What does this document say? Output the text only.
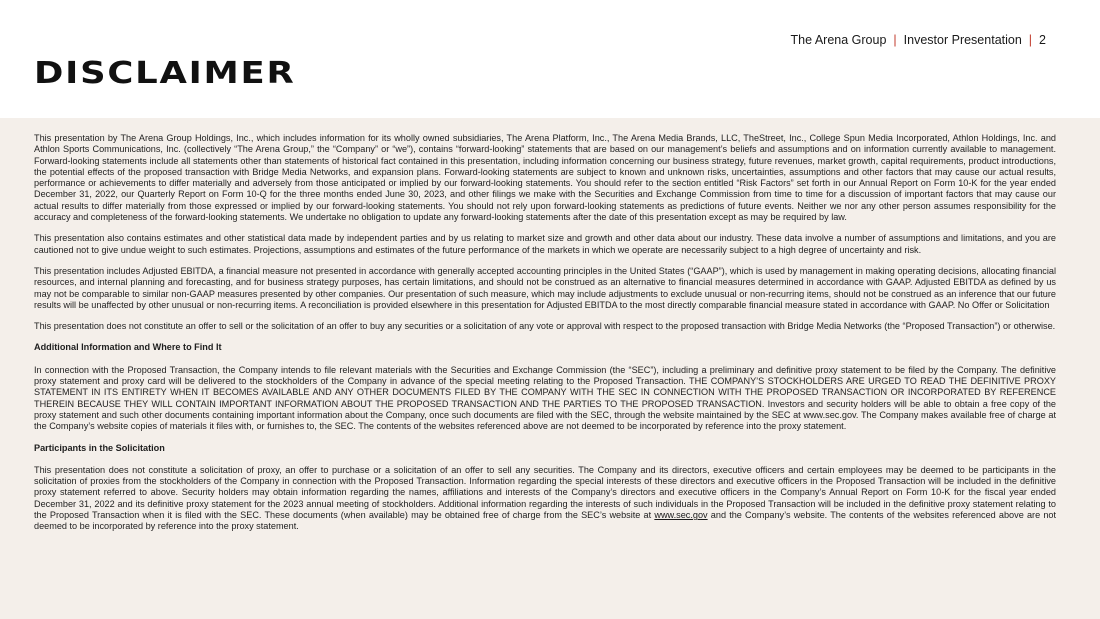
The Arena Group | Investor Presentation | 2
DISCLAIMER

This presentation by The Arena Group Holdings, Inc., which includes information for its wholly owned subsidiaries, The Arena Platform, Inc., The Arena Media Brands, LLC, TheStreet, Inc., College Spun Media Incorporated, Athlon Holdings, Inc. and Athlon Sports Communications, Inc. (collectively “The Arena Group,” the “Company” or “we”), contains “forward-looking” statements that are based on our management’s beliefs and assumptions and on information currently available to management. Forward-looking statements include all statements other than statements of historical fact contained in this presentation, including information concerning our business strategy, future revenues, market growth, capital requirements, product introductions, the potential effects of the proposed transaction with Bridge Media Networks, and expansion plans. Forward-looking statements are subject to known and unknown risks, uncertainties, assumptions and other factors that may cause our actual results, performance or achievements to differ materially and adversely from those anticipated or implied by our forward-looking statements. You should refer to the section entitled “Risk Factors” set forth in our Annual Report on Form 10-K for the year ended December 31, 2022, our Quarterly Report on Form 10-Q for the three months ended June 30, 2023, and other filings we make with the Securities and Exchange Commission from time to time for a discussion of important factors that may cause our actual results to differ materially from those expressed or implied by our forward-looking statements. You should not rely upon forward-looking statements as predictions of future events. Neither we nor any other person assumes responsibility for the accuracy and completeness of the forward-looking statements. We undertake no obligation to update any forward-looking statements after the date of this presentation except as may be required by law.

This presentation also contains estimates and other statistical data made by independent parties and by us relating to market size and growth and other data about our industry. These data involve a number of assumptions and limitations, and you are cautioned not to give undue weight to such estimates. Projections, assumptions and estimates of the future performance of the markets in which we operate are necessarily subject to a high degree of uncertainty and risk.

This presentation includes Adjusted EBITDA, a financial measure not presented in accordance with generally accepted accounting principles in the United States (“GAAP”), which is used by management in making operating decisions, allocating financial resources, and internal planning and forecasting, and for business strategy purposes, has certain limitations, and should not be construed as an alternative to financial measures determined in accordance with GAAP. Adjusted EBITDA as defined by us may not be comparable to similar non-GAAP measures presented by other companies. Our presentation of such measure, which may include adjustments to exclude unusual or non-recurring items, should not be construed as an inference that our future results will be unaffected by other unusual or non-recurring items. A reconciliation is provided elsewhere in this presentation for Adjusted EBITDA to the most directly comparable financial measure stated in accordance with GAAP. No Offer or Solicitation

This presentation does not constitute an offer to sell or the solicitation of an offer to buy any securities or a solicitation of any vote or approval with respect to the proposed transaction with Bridge Media Networks (the “Proposed Transaction”) or otherwise.

Additional Information and Where to Find It

In connection with the Proposed Transaction, the Company intends to file relevant materials with the Securities and Exchange Commission (the “SEC”), including a preliminary and definitive proxy statement to be filed by the Company. The definitive proxy statement and proxy card will be delivered to the stockholders of the Company in advance of the special meeting relating to the Proposed Transaction. THE COMPANY’S STOCKHOLDERS ARE URGED TO READ THE DEFINITIVE PROXY STATEMENT IN ITS ENTIRETY WHEN IT BECOMES AVAILABLE AND ANY OTHER DOCUMENTS FILED BY THE COMPANY WITH THE SEC IN CONNECTION WITH THE PROPOSED TRANSACTION OR INCORPORATED BY REFERENCE THEREIN BECAUSE THEY WILL CONTAIN IMPORTANT INFORMATION ABOUT THE PROPOSED TRANSACTION AND THE PARTIES TO THE PROPOSED TRANSACTION. Investors and security holders will be able to obtain a free copy of the proxy statement and such other documents containing important information about the Company, once such documents are filed with the SEC, through the website maintained by the SEC at www.sec.gov. The Company makes available free of charge at the Company’s website copies of materials it files with, or furnishes to, the SEC. The contents of the websites referenced above are not deemed to be incorporated by reference into the proxy statement.

Participants in the Solicitation

This presentation does not constitute a solicitation of proxy, an offer to purchase or a solicitation of an offer to sell any securities. The Company and its directors, executive officers and certain employees may be deemed to be participants in the solicitation of proxies from the stockholders of the Company in connection with the Proposed Transaction. Information regarding the special interests of these directors and executive officers in the Proposed Transaction will be included in the definitive proxy statement referred to above. Security holders may obtain information regarding the names, affiliations and interests of the Company’s directors and executive officers in the Company’s Annual Report on Form 10-K for the fiscal year ended December 31, 2022 and its definitive proxy statement for the 2023 annual meeting of stockholders. Additional information regarding the interests of such individuals in the Proposed Transaction will be included in the definitive proxy statement relating to the Proposed Transaction when it is filed with the SEC. These documents (when available) may be obtained free of charge from the SEC’s website at www.sec.gov and the Company’s website. The contents of the websites referenced above are not deemed to be incorporated by reference into the proxy statement.
